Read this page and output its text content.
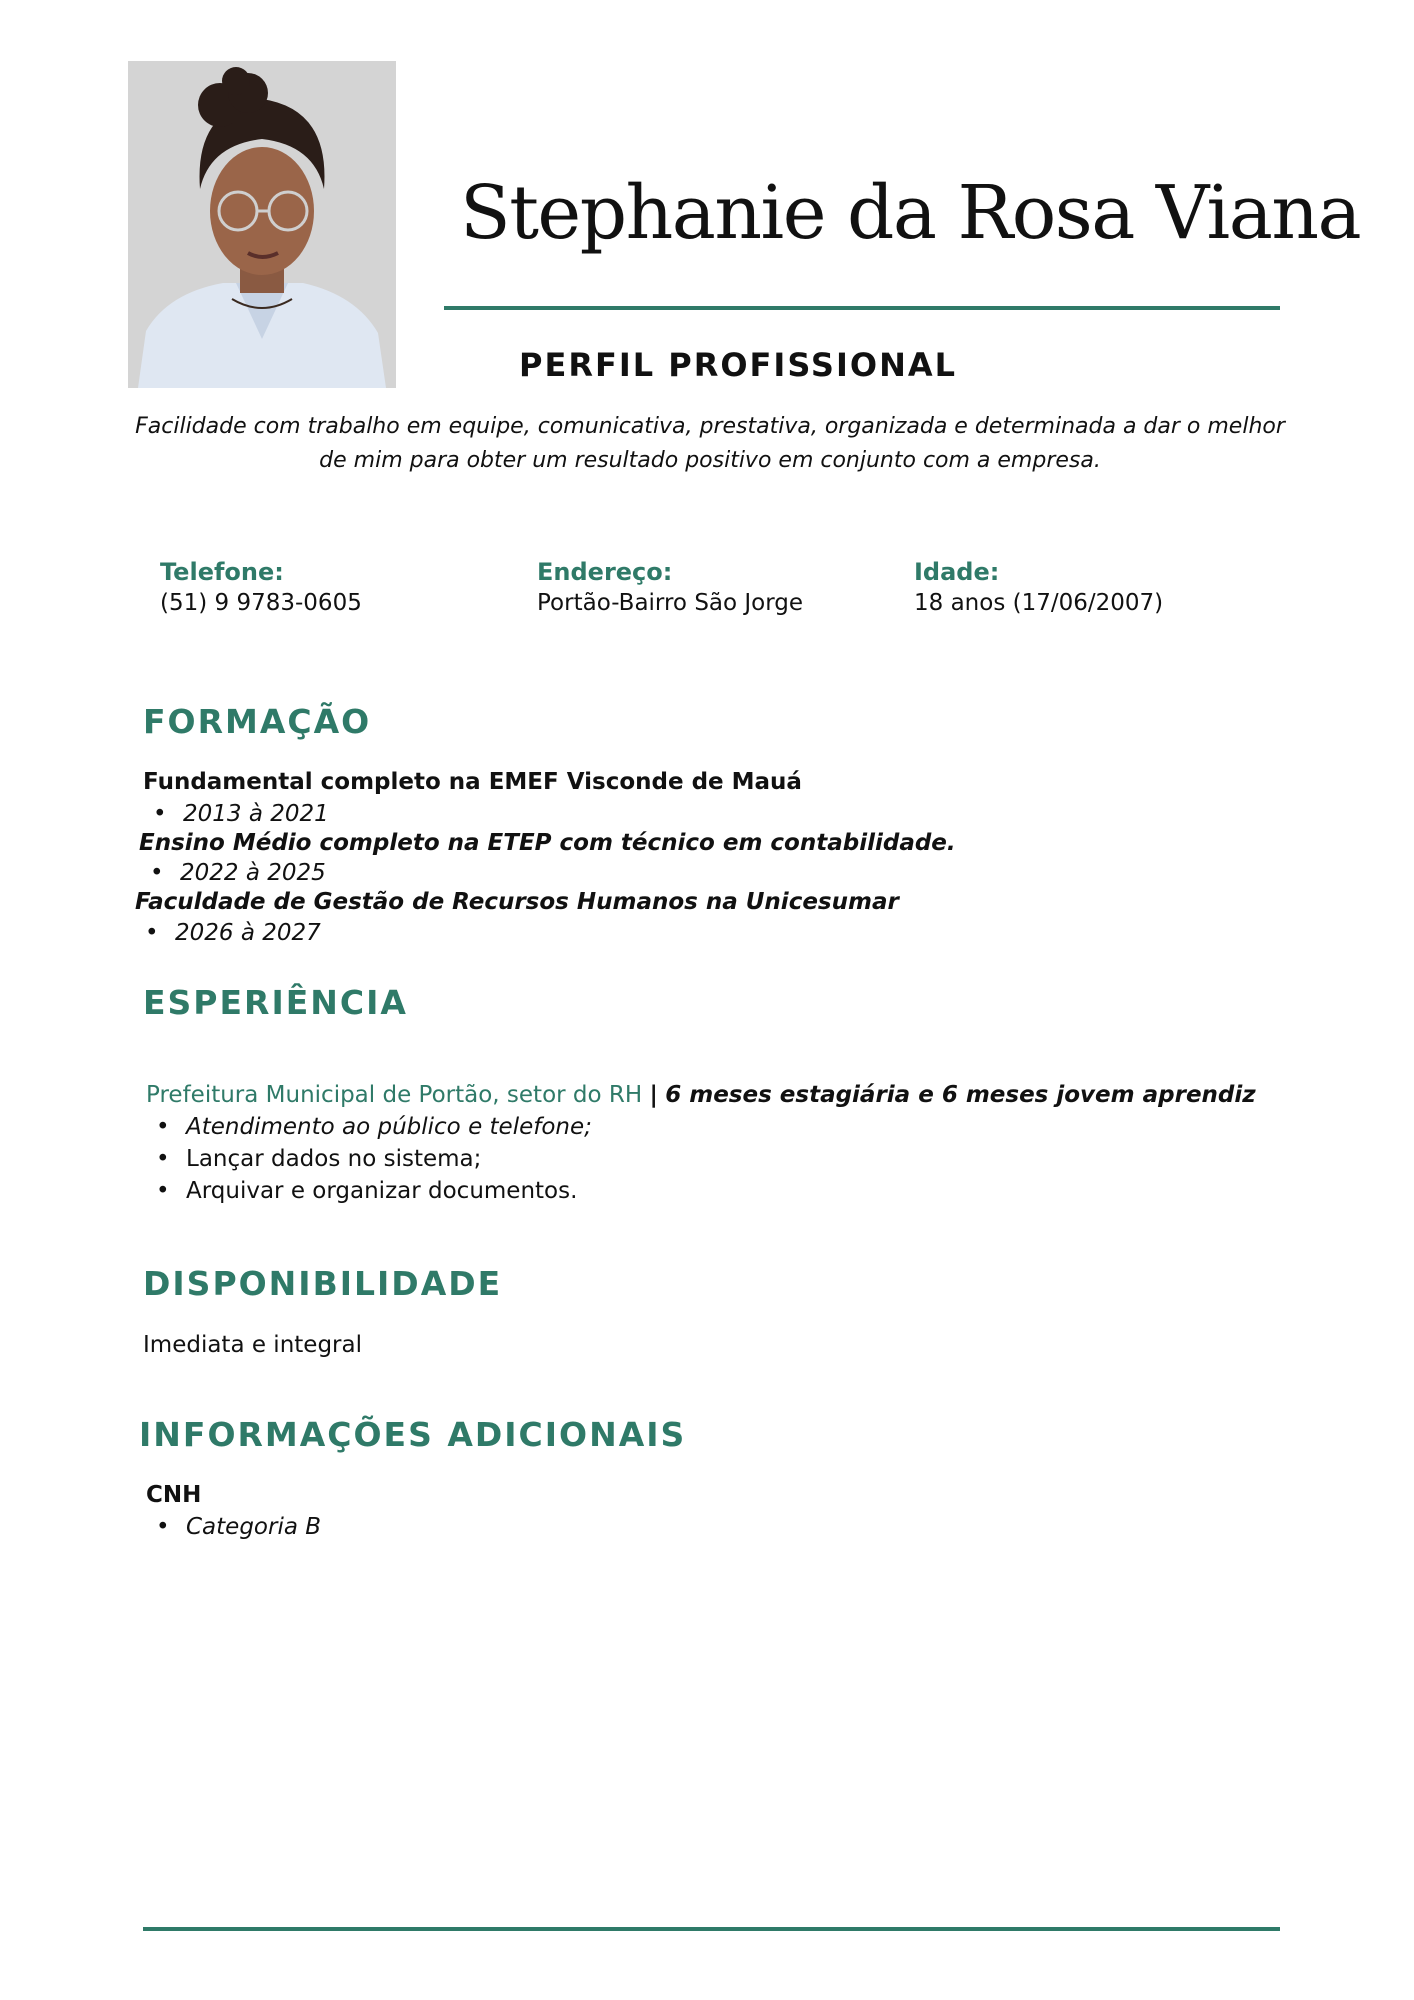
Stephanie da Rosa Viana
PERFIL PROFISSIONAL

Facilidade com trabalho em equipe, comunicativa, prestativa, organizada e determinada a dar o melhor de mim para obter um resultado positivo em conjunto com a empresa.

Telefone:

(51) 9 9783-0605

Endereço:

Portão-Bairro São Jorge

Idade:

18 anos (17/06/2007)

FORMAÇÃO

Fundamental completo na EMEF Visconde de Mauá

• 2013 à 2021

Ensino Médio completo na ETEP com técnico em contabilidade.

• 2022 à 2025

Faculdade de Gestão de Recursos Humanos na Unicesumar

• 2026 à 2027

ESPERIÊNCIA

Prefeitura Municipal de Portão, setor do RH | 6 meses estagiária e 6 meses jovem aprendiz

• Atendimento ao público e telefone;

• Lançar dados no sistema;

• Arquivar e organizar documentos.

DISPONIBILIDADE

Imediata e integral

INFORMAÇÕES ADICIONAIS

CNH

• Categoria B
